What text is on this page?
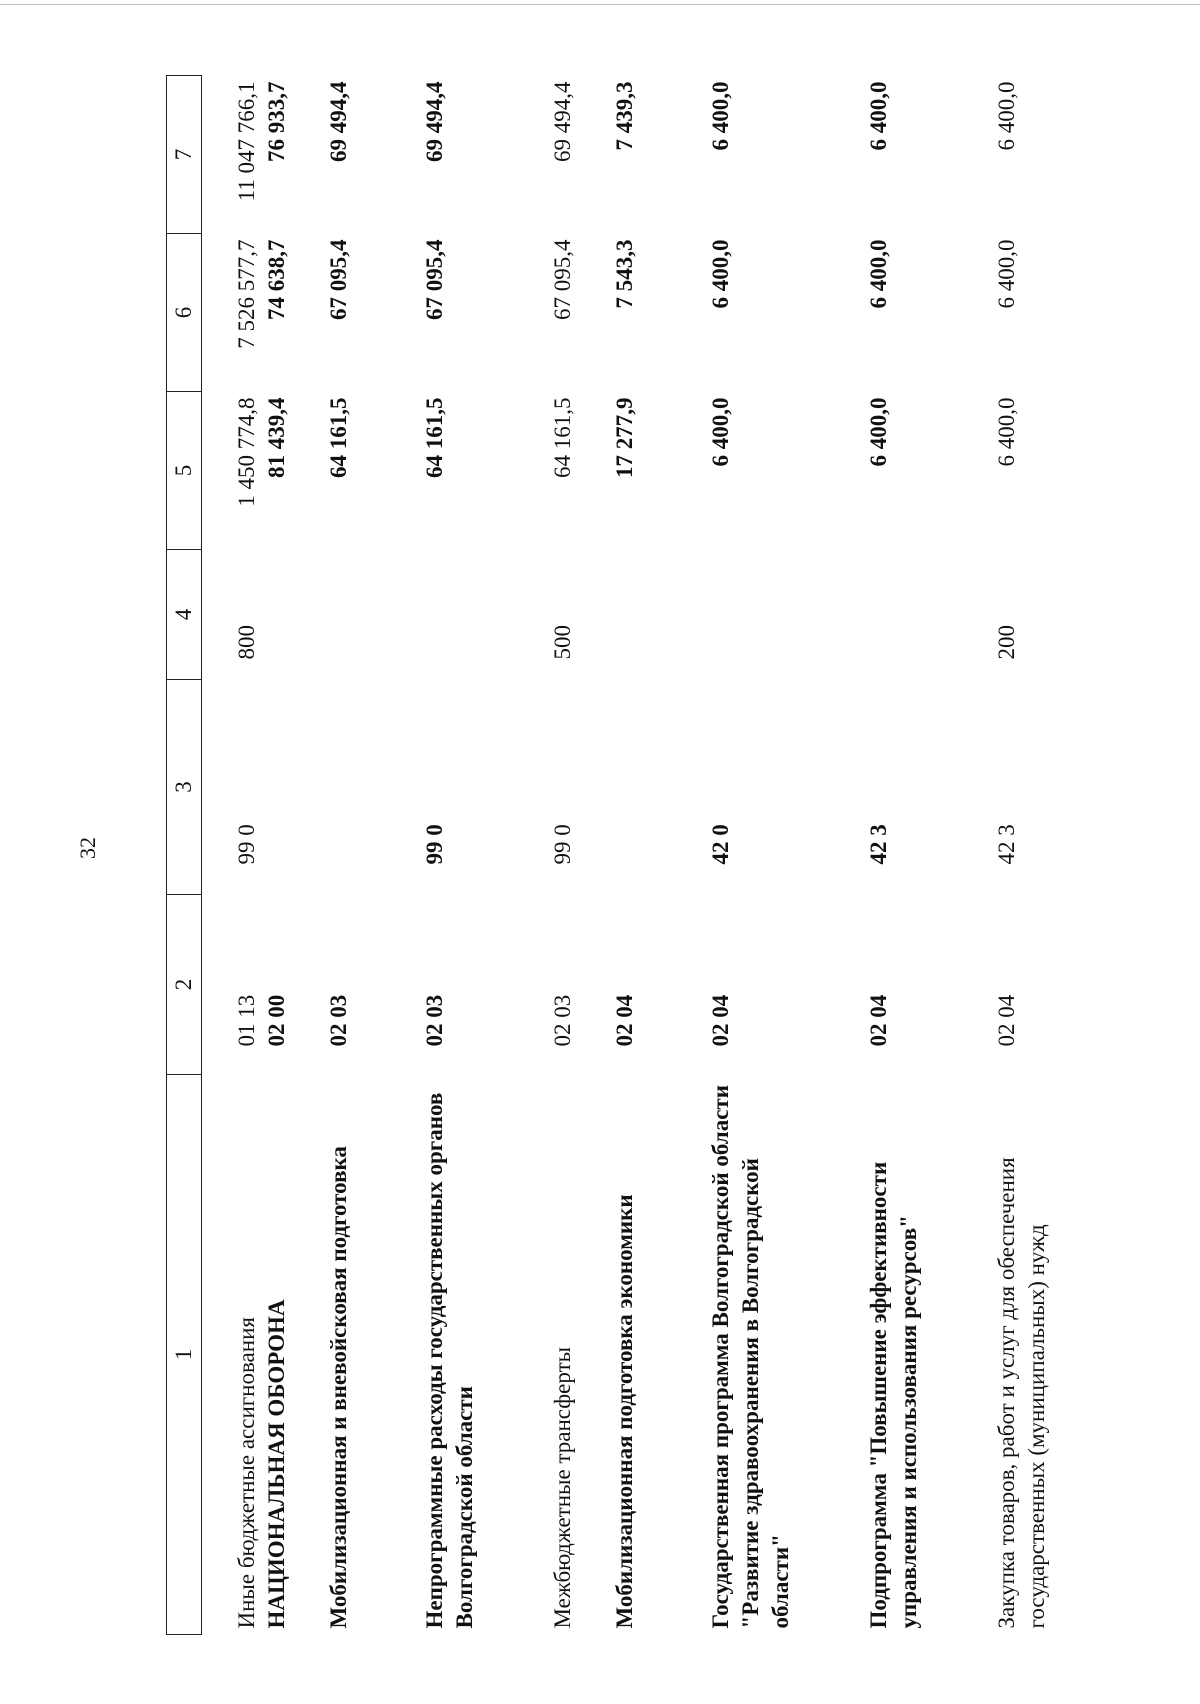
32
1	2	3	4	5	6	7
Иные бюджетные ассигнования	01 13	99 0	800	1 450 774,8	7 526 577,7	11 047 766,1
НАЦИОНАЛЬНАЯ ОБОРОНА	02 00			81 439,4	74 638,7	76 933,7
Мобилизационная и вневойсковая подготовка	02 03			64 161,5	67 095,4	69 494,4
Непрограммные расходы государственных органов Волгоградской области	02 03	99 0		64 161,5	67 095,4	69 494,4
Межбюджетные трансферты	02 03	99 0	500	64 161,5	67 095,4	69 494,4
Мобилизационная подготовка экономики	02 04			17 277,9	7 543,3	7 439,3
Государственная программа Волгоградской области "Развитие здравоохранения в Волгоградской области"	02 04	42 0		6 400,0	6 400,0	6 400,0
Подпрограмма "Повышение эффективности управления и использования ресурсов"	02 04	42 3		6 400,0	6 400,0	6 400,0
Закупка товаров, работ и услуг для обеспечения государственных (муниципальных) нужд	02 04	42 3	200	6 400,0	6 400,0	6 400,0
